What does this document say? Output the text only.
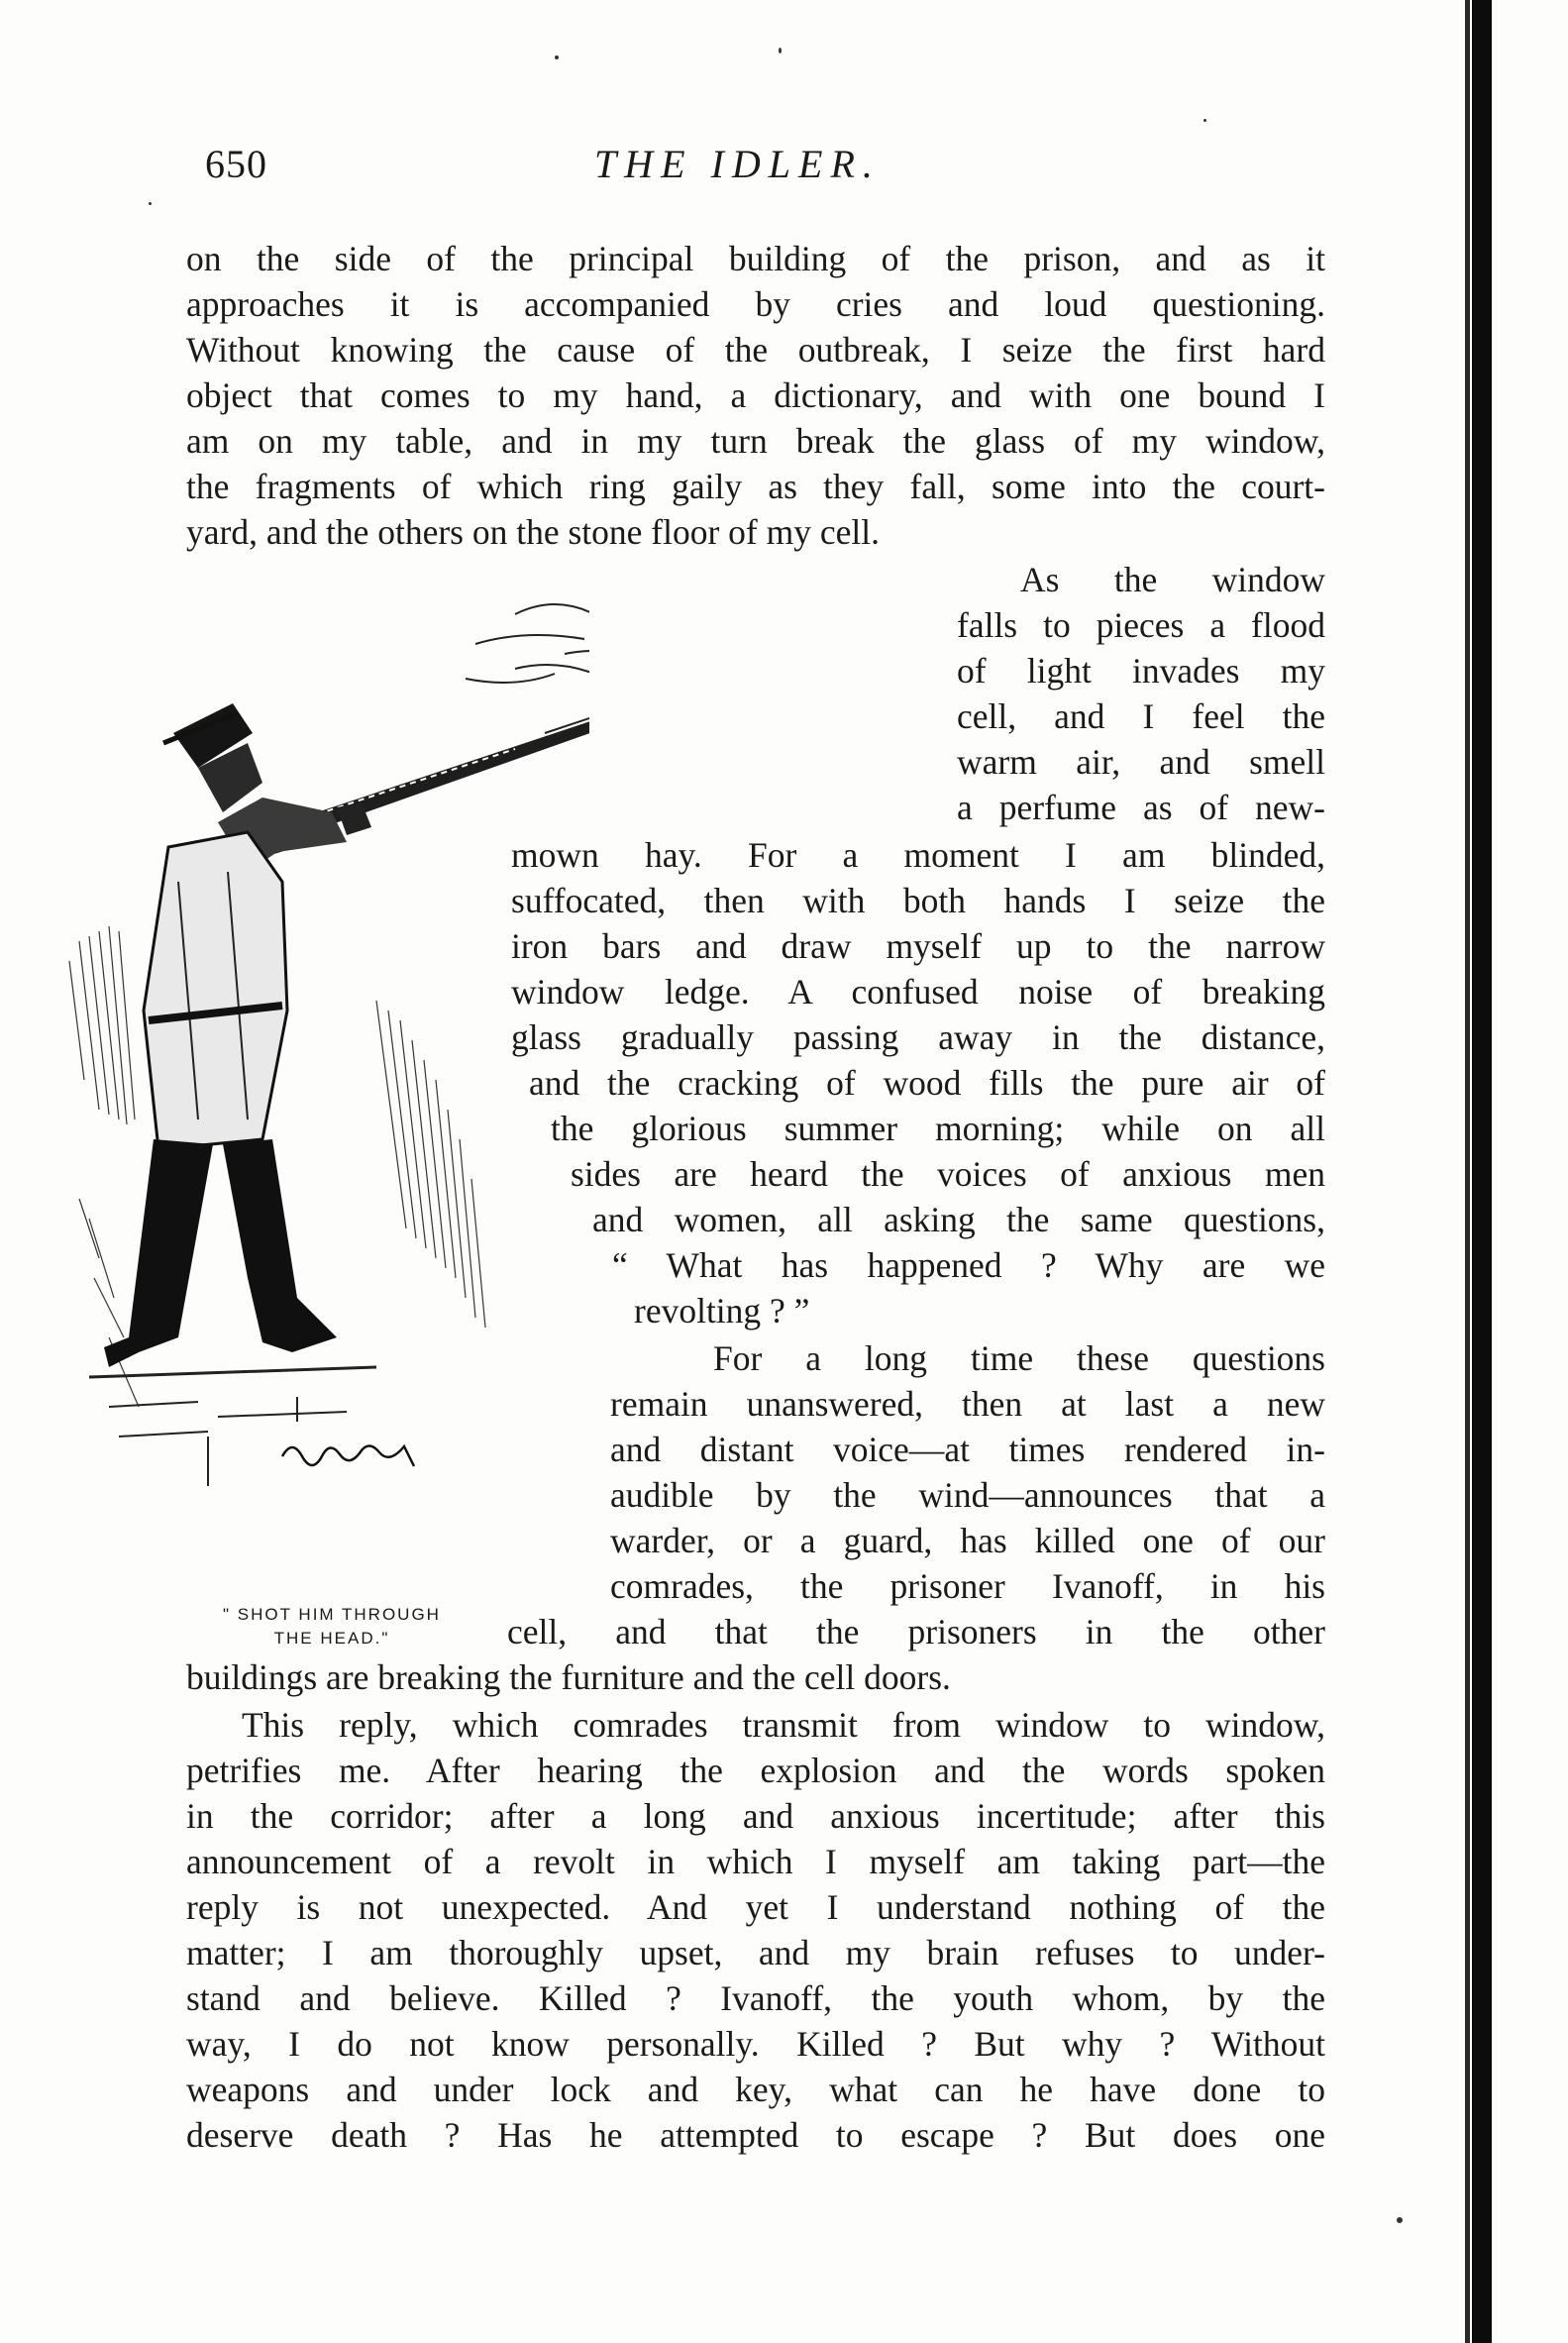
650	THE IDLER.
on the side of the principal building of the prison, and as it
approaches it is accompanied by cries and loud questioning.
Without knowing the cause of the outbreak, I seize the first hard
object that comes to my hand, a dictionary, and with one bound I
am on my table, and in my turn break the glass of my window,
the fragments of which ring gaily as they fall, some into the court-
yard, and the others on the stone floor of my cell.
As the window
falls to pieces a flood
of light invades my
cell, and I feel the
warm air, and smell
a perfume as of new-
mown hay. For a moment I am blinded,
suffocated, then with both hands I seize the
iron bars and draw myself up to the narrow
window ledge. A confused noise of breaking
glass gradually passing away in the distance,
and the cracking of wood fills the pure air of
the glorious summer morning; while on all
sides are heard the voices of anxious men
and women, all asking the same questions,
“ What has happened ? Why are we
revolting ? ”
For a long time these questions
remain unanswered, then at last a new
and distant voice—at times rendered in-
audible by the wind—announces that a
warder, or a guard, has killed one of our
comrades, the prisoner Ivanoff, in his
cell, and that the prisoners in the other
buildings are breaking the furniture and the cell doors.
This reply, which comrades transmit from window to window,
petrifies me. After hearing the explosion and the words spoken
in the corridor; after a long and anxious incertitude; after this
announcement of a revolt in which I myself am taking part—the
reply is not unexpected. And yet I understand nothing of the
matter; I am thoroughly upset, and my brain refuses to under-
stand and believe. Killed ? Ivanoff, the youth whom, by the
way, I do not know personally. Killed ? But why ? Without
weapons and under lock and key, what can he have done to
deserve death ? Has he attempted to escape ? But does one
" SHOT HIM THROUGH
THE HEAD."
